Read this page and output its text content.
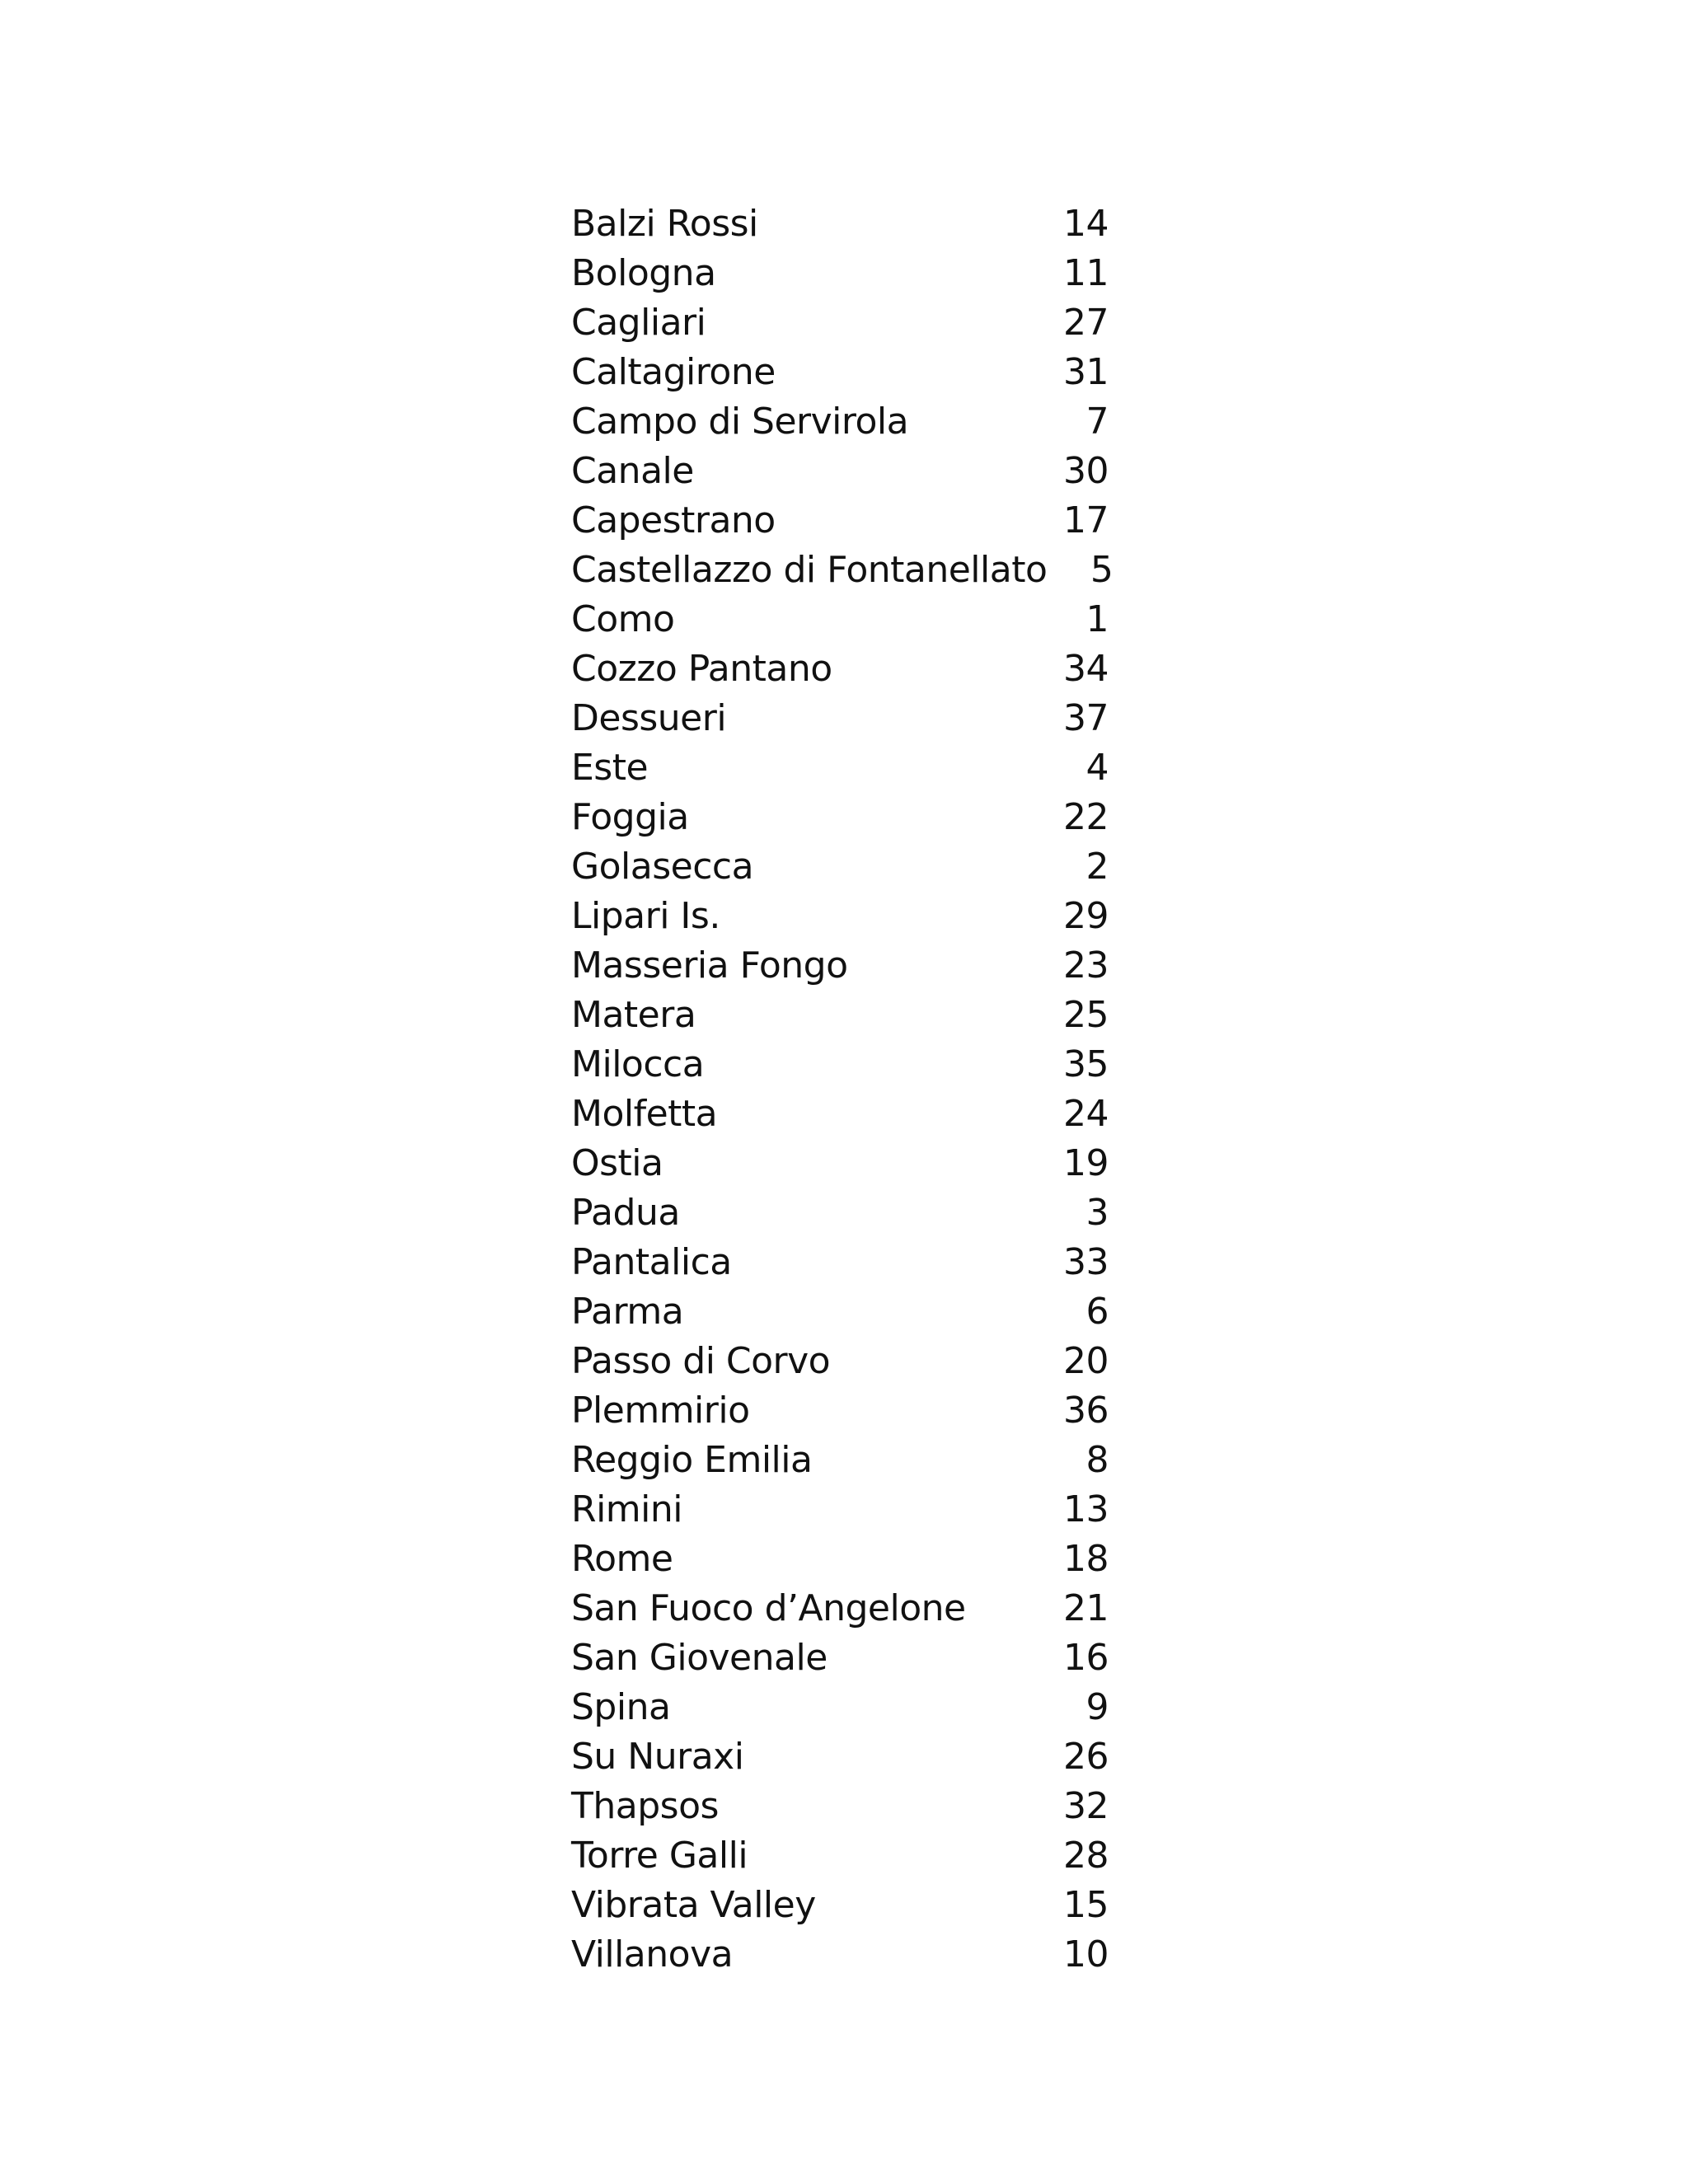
Balzi Rossi	14
Bologna	11
Cagliari	27
Caltagirone	31
Campo di Servirola	7
Canale	30
Capestrano	17
Castellazzo di Fontanellato	5
Como	1
Cozzo Pantano	34
Dessueri	37
Este	4
Foggia	22
Golasecca	2
Lipari Is.	29
Masseria Fongo	23
Matera	25
Milocca	35
Molfetta	24
Ostia	19
Padua	3
Pantalica	33
Parma	6
Passo di Corvo	20
Plemmirio	36
Reggio Emilia	8
Rimini	13
Rome	18
San Fuoco d’Angelone	21
San Giovenale	16
Spina	9
Su Nuraxi	26
Thapsos	32
Torre Galli	28
Vibrata Valley	15
Villanova	10
